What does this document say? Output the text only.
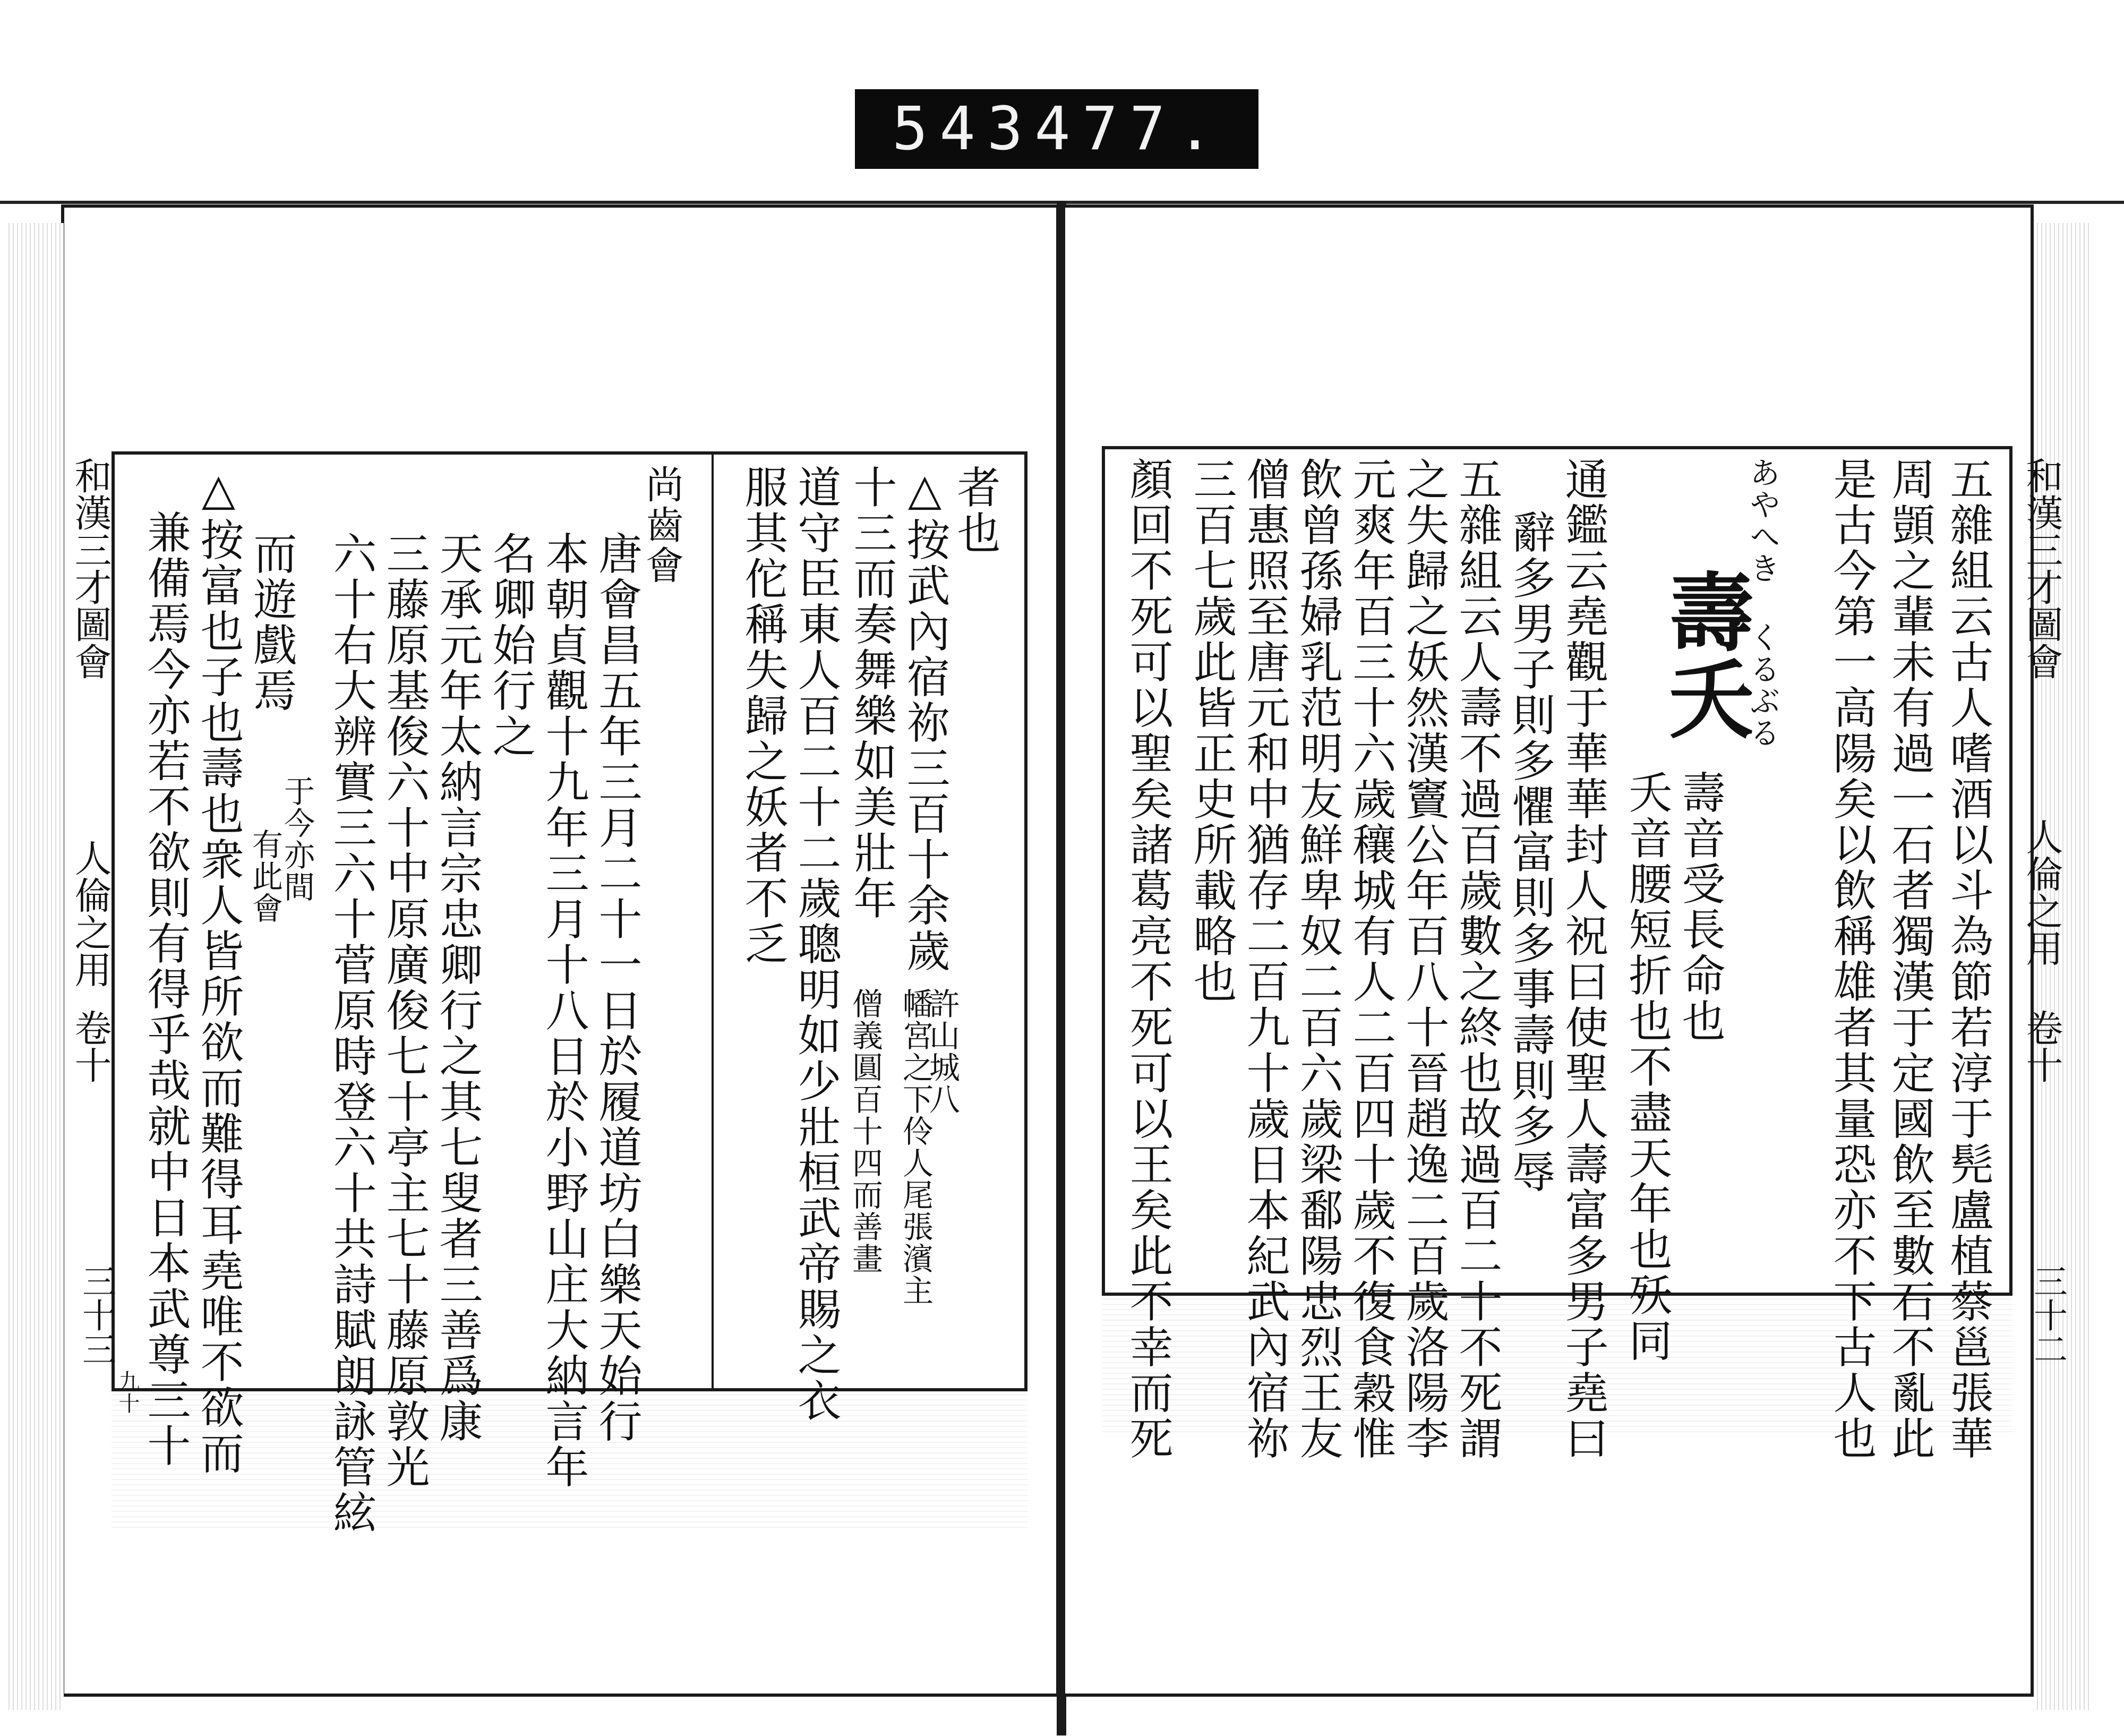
543 477.
和漢三才圖會
人倫之用
卷十
三十三
者也
△按武內宿祢三百十余歲
十三而奏舞樂如美壯年
道守臣東人百二十二歲聰明如少壯桓武帝賜之衣
服其佗稱失歸之妖者不乏
尚齒會
唐會昌五年三月二十一日於履道坊白樂天始行
本朝貞觀十九年三月十八日於小野山庄大納言年
名卿始行之
天承元年太納言宗忠卿行之其七叟者三善爲康
三藤原基俊六十中原廣俊七十亭主七十藤原敦光
六十右大辨實三六十菅原時登六十共詩賦朗詠管絃
而遊戲焉
△按富也子也壽也衆人皆所欲而難得耳堯唯不欲而
兼備焉今亦若不欲則有得乎哉就中日本武尊三十	許山城八
幡宮之下伶人尾張濱主
僧義圓百十四而善畫
有此會
于今亦間
九十
和漢三才圖會
人倫之用
卷十
三十二
五雜組云古人嗜酒以斗為節若淳于髡盧植蔡邕張華
周顗之輩未有過一石者獨漢于定國飲至數石不亂此
是古今第一高陽矣以飲稱雄者其量恐亦不下古人也
あやへき くるぶる
壽夭
壽音受長命也
夭音腰短折也不盡天年也殀同
通鑑云堯觀于華華封人祝曰使聖人壽富多男子堯曰
辭多男子則多懼富則多事壽則多辱
五雜組云人壽不過百歲數之終也故過百二十不死謂
之失歸之妖然漢竇公年百八十晉趙逸二百歲洛陽李
元爽年百三十六歲穰城有人二百四十歲不復食穀惟
飲曾孫婦乳范明友鮮卑奴二百六歲梁鄱陽忠烈王友
僧惠照至唐元和中猶存二百九十歲日本紀武內宿祢
三百七歲此皆正史所載略也
顏回不死可以聖矣諸葛亮不死可以王矣此不幸而死
